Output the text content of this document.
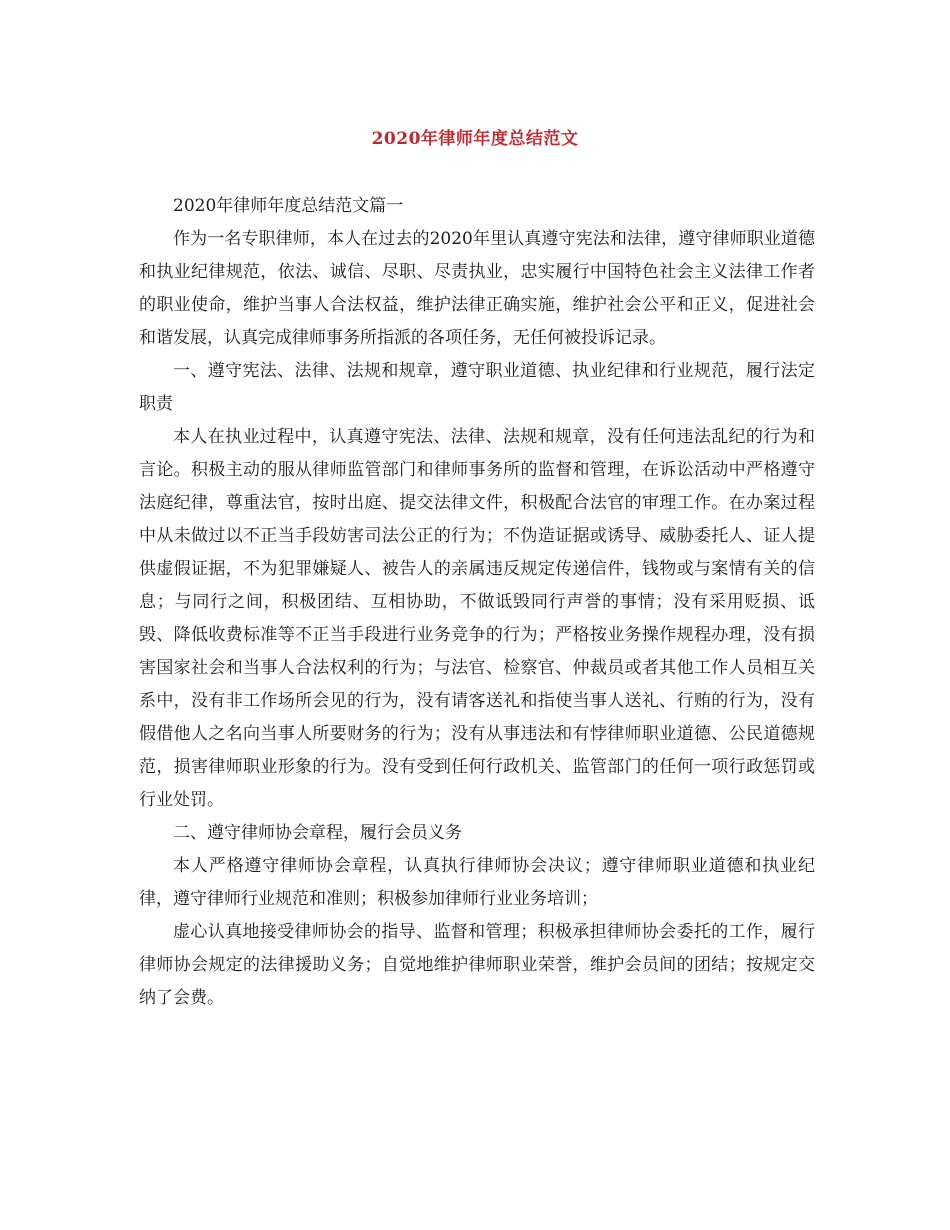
2020年律师年度总结范文

2020年律师年度总结范文篇一

作为一名专职律师，本人在过去的2020年里认真遵守宪法和法律，遵守律师职业道德和执业纪律规范，依法、诚信、尽职、尽责执业，忠实履行中国特色社会主义法律工作者的职业使命，维护当事人合法权益，维护法律正确实施，维护社会公平和正义，促进社会和谐发展，认真完成律师事务所指派的各项任务，无任何被投诉记录。

一、遵守宪法、法律、法规和规章，遵守职业道德、执业纪律和行业规范，履行法定职责

本人在执业过程中，认真遵守宪法、法律、法规和规章，没有任何违法乱纪的行为和言论。积极主动的服从律师监管部门和律师事务所的监督和管理，在诉讼活动中严格遵守法庭纪律，尊重法官，按时出庭、提交法律文件，积极配合法官的审理工作。在办案过程中从未做过以不正当手段妨害司法公正的行为；不伪造证据或诱导、威胁委托人、证人提供虚假证据，不为犯罪嫌疑人、被告人的亲属违反规定传递信件，钱物或与案情有关的信息；与同行之间，积极团结、互相协助，不做诋毁同行声誉的事情；没有采用贬损、诋毁、降低收费标准等不正当手段进行业务竞争的行为；严格按业务操作规程办理，没有损害国家社会和当事人合法权利的行为；与法官、检察官、仲裁员或者其他工作人员相互关系中，没有非工作场所会见的行为，没有请客送礼和指使当事人送礼、行贿的行为，没有假借他人之名向当事人所要财务的行为；没有从事违法和有悖律师职业道德、公民道德规范，损害律师职业形象的行为。没有受到任何行政机关、监管部门的任何一项行政惩罚或行业处罚。

二、遵守律师协会章程，履行会员义务

本人严格遵守律师协会章程，认真执行律师协会决议；遵守律师职业道德和执业纪律，遵守律师行业规范和准则；积极参加律师行业业务培训；

虚心认真地接受律师协会的指导、监督和管理；积极承担律师协会委托的工作，履行律师协会规定的法律援助义务；自觉地维护律师职业荣誉，维护会员间的团结；按规定交纳了会费。
